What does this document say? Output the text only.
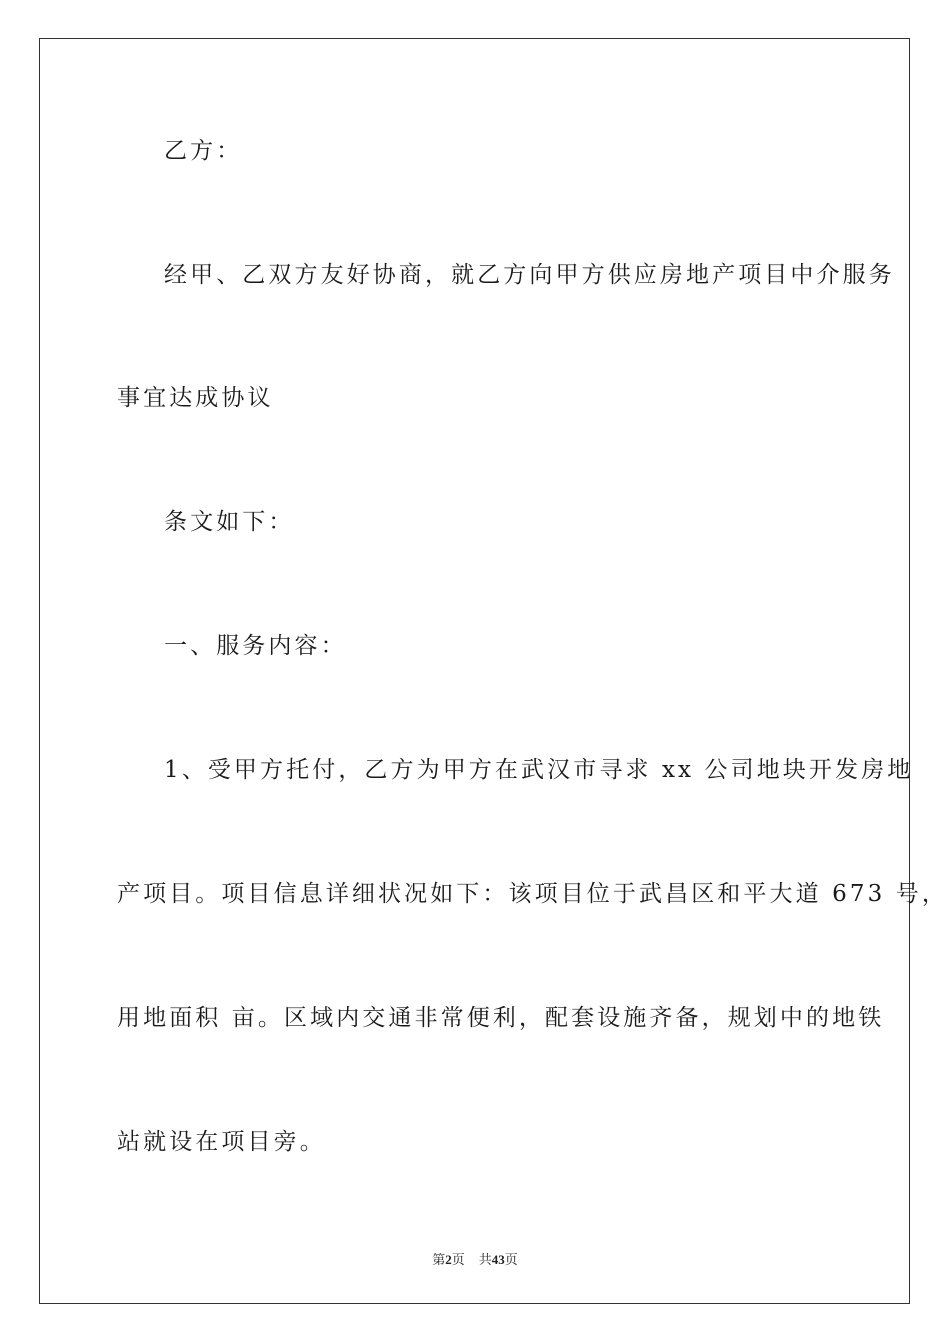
乙方：
经甲、乙双方友好协商，就乙方向甲方供应房地产项目中介服务
事宜达成协议
条文如下：
一、服务内容：
1、受甲方托付，乙方为甲方在武汉市寻求 xx 公司地块开发房地
产项目。项目信息详细状况如下：该项目位于武昌区和平大道 673 号，
用地面积 亩。区域内交通非常便利，配套设施齐备，规划中的地铁
站就设在项目旁。
第2页 共43页
